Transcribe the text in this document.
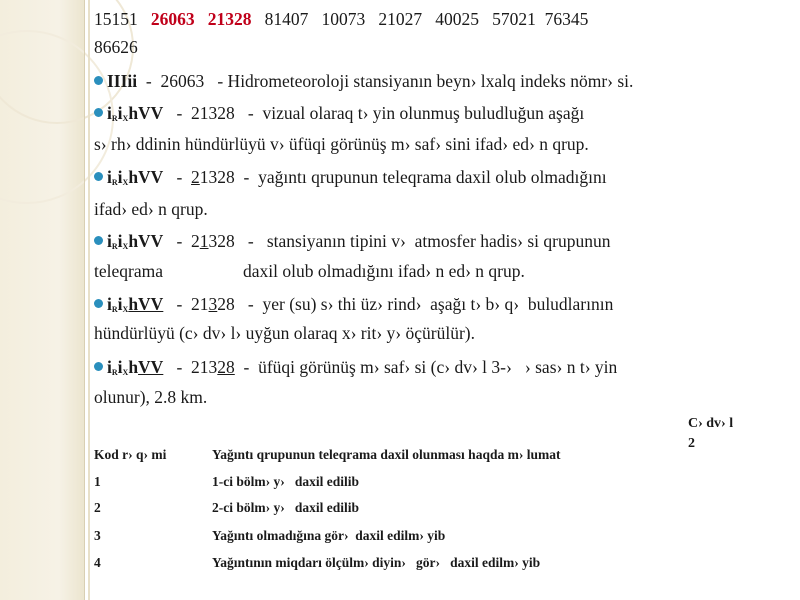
15151 26063 21328 81407   10073   21027   40025   57021  76345
86626
IIIii  -  26063   - Hidrometeoroloji stansiyanın beyn› lxalq indeks nömr› si.
$i_Ri_XhVV - 21328$   -  vizual olaraq t› yin olunmuş buludluğun aşağı
s› rh› ddinin hündürlüyü v› üfüqi görünüş m› saf› sini ifad› ed› n qrup.
$i_Ri_XhVV - 21328$  -  yağıntı qrupunun teleqrama daxil olub olmadığını
ifad› ed› n qrup.
$i_Ri_XhVV - 21328$   -   stansiyanın tipini v›  atmosfer hadis› si qrupunun
teleqrama	daxil olub olmadığını ifad› n ed› n qrup.
$i_Ri_XhVV - 21328$   -  yer (su) s› thi üz› rind›  aşağı t› b› q›  buludlarının
hündürlüyü (c› dv› l› uyğun olaraq x› rit› y› öçürülür).
$i_Ri_XhVV - 21328$  -  üfüqi görünüş m› saf› si (c› dv› l 3-›   › sas› n t› yin
olunur), 2.8 km.
C› dv› l
2
Kod r› q› mi	Yağıntı qrupunun teleqrama daxil olunması haqda m› lumat
1	1-ci bölm› y›   daxil edilib
2	2-ci bölm› y›   daxil edilib
3	Yağıntı olmadığına gör›  daxil edilm› yib
4	Yağıntının miqdarı ölçülm› diyin›   gör›   daxil edilm› yib
